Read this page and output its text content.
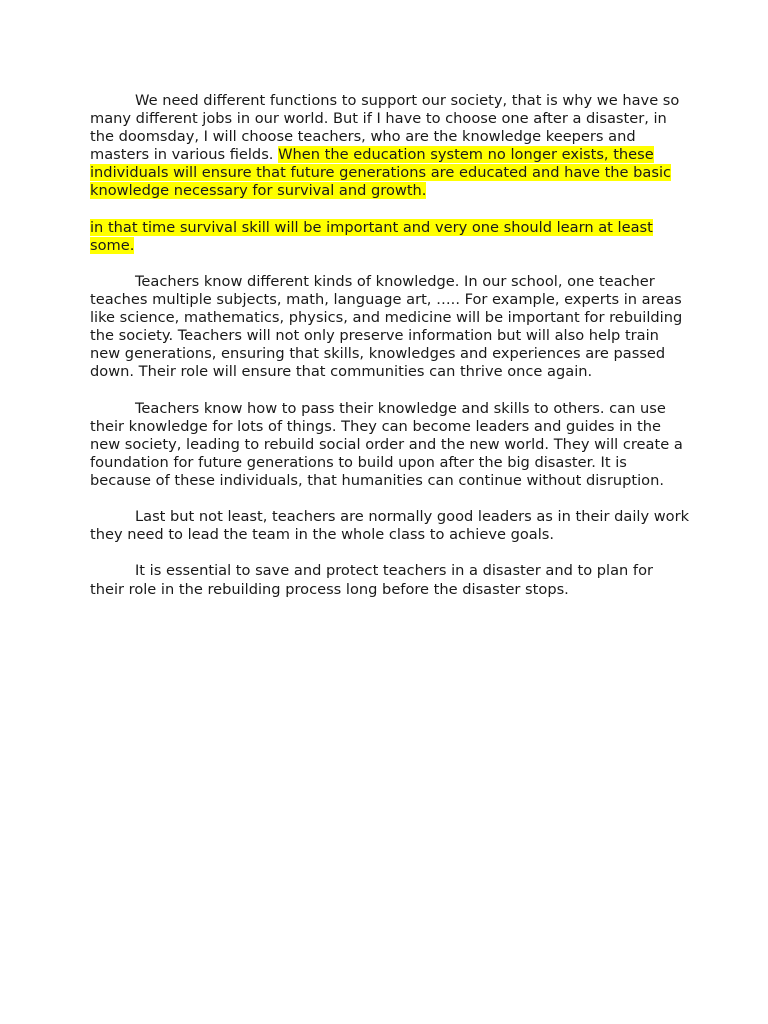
We need different functions to support our society, that is why we have so many different jobs in our world. But if I have to choose one after a disaster, in the doomsday, I will choose teachers, who are the knowledge keepers and masters in various fields. When the education system no longer exists, these individuals will ensure that future generations are educated and have the basic knowledge necessary for survival and growth.

in that time survival skill will be important and very one should learn at least some.

Teachers know different kinds of knowledge. In our school, one teacher teaches multiple subjects, math, language art, ….. For example, experts in areas like science, mathematics, physics, and medicine will be important for rebuilding the society. Teachers will not only preserve information but will also help train new generations, ensuring that skills, knowledges and experiences are passed down. Their role will ensure that communities can thrive once again.

Teachers know how to pass their knowledge and skills to others. can use their knowledge for lots of things. They can become leaders and guides in the new society, leading to rebuild social order and the new world. They will create a foundation for future generations to build upon after the big disaster. It is because of these individuals, that humanities can continue without disruption.

Last but not least, teachers are normally good leaders as in their daily work they need to lead the team in the whole class to achieve goals.

It is essential to save and protect teachers in a disaster and to plan for their role in the rebuilding process long before the disaster stops.
